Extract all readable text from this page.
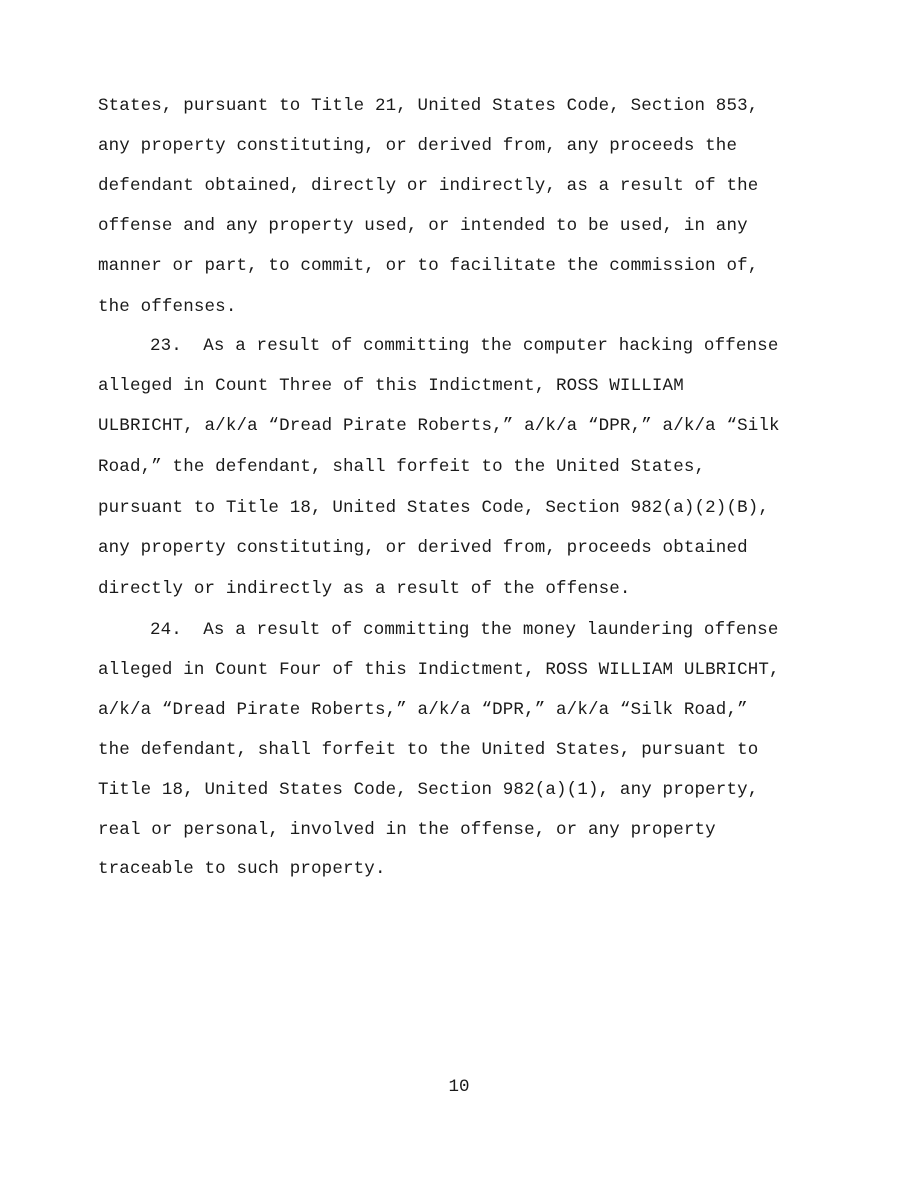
States, pursuant to Title 21, United States Code, Section 853,
any property constituting, or derived from, any proceeds the
defendant obtained, directly or indirectly, as a result of the
offense and any property used, or intended to be used, in any
manner or part, to commit, or to facilitate the commission of,
the offenses.
23. As a result of committing the computer hacking offense
alleged in Count Three of this Indictment, ROSS WILLIAM
ULBRICHT, a/k/a “Dread Pirate Roberts,” a/k/a “DPR,” a/k/a “Silk
Road,” the defendant, shall forfeit to the United States,
pursuant to Title 18, United States Code, Section 982(a)(2)(B),
any property constituting, or derived from, proceeds obtained
directly or indirectly as a result of the offense.
24. As a result of committing the money laundering offense
alleged in Count Four of this Indictment, ROSS WILLIAM ULBRICHT,
a/k/a “Dread Pirate Roberts,” a/k/a “DPR,” a/k/a “Silk Road,”
the defendant, shall forfeit to the United States, pursuant to
Title 18, United States Code, Section 982(a)(1), any property,
real or personal, involved in the offense, or any property
traceable to such property.
10
